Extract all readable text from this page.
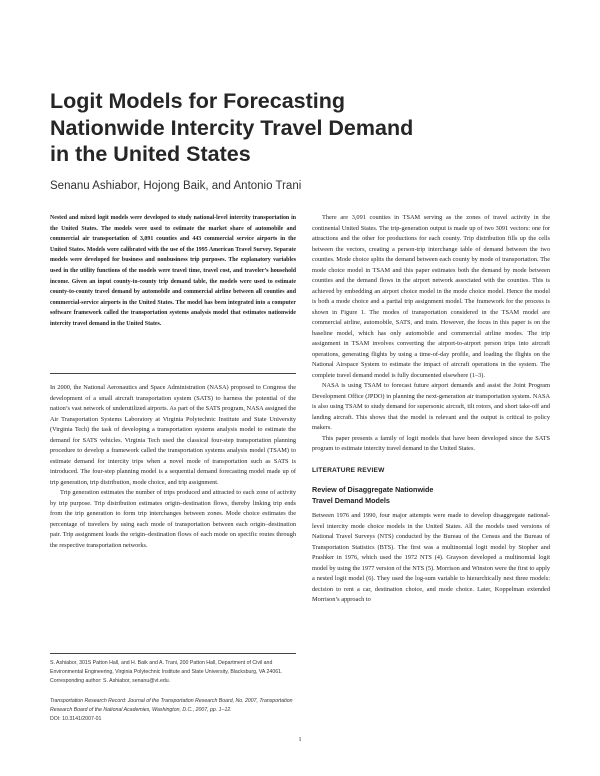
Logit Models for Forecasting
Nationwide Intercity Travel Demand
in the United States

Senanu Ashiabor, Hojong Baik, and Antonio Trani

Nested and mixed logit models were developed to study national-level intercity transportation in the United States. The models were used to estimate the market share of automobile and commercial air transportation of 3,091 counties and 443 commercial service airports in the United States. Models were calibrated with the use of the 1995 American Travel Survey. Separate models were developed for business and nonbusiness trip purposes. The explanatory variables used in the utility functions of the models were travel time, travel cost, and traveler’s household income. Given an input county-to-county trip demand table, the models were used to estimate county-to-county travel demand by automobile and commercial airline between all counties and commercial-service airports in the United States. The model has been integrated into a computer software framework called the transportation systems analysis model that estimates nationwide intercity travel demand in the United States.

In 2000, the National Aeronautics and Space Administration (NASA) proposed to Congress the development of a small aircraft transportation system (SATS) to harness the potential of the nation’s vast network of underutilized airports. As part of the SATS program, NASA assigned the Air Transportation Systems Laboratory at Virginia Polytechnic Institute and State University (Virginia Tech) the task of developing a transportation systems analysis model to estimate the demand for SATS vehicles. Virginia Tech used the classical four-step transportation planning procedure to develop a framework called the transportation systems analysis model (TSAM) to estimate demand for intercity trips when a novel mode of transportation such as SATS is introduced. The four-step planning model is a sequential demand forecasting model made up of trip generation, trip distribution, mode choice, and trip assignment.

Trip generation estimates the number of trips produced and attracted to each zone of activity by trip purpose. Trip distribution estimates origin–destination flows, thereby linking trip ends from the trip generation to form trip interchanges between zones. Mode choice estimates the percentage of travelers by using each mode of transportation between each origin–destination pair. Trip assignment loads the origin–destination flows of each mode on specific routes through the respective transportation networks.

S. Ashiabor, 301S Patton Hall, and H. Baik and A. Trani, 200 Patton Hall, Department of Civil and Environmental Engineering, Virginia Polytechnic Institute and State University, Blacksburg, VA 24061. Corresponding author: S. Ashiabor, senanu@vt.edu.

Transportation Research Record: Journal of the Transportation Research Board, No. 2007, Transportation Research Board of the National Academies, Washington, D.C., 2007, pp. 1–12.
DOI: 10.3141/2007-01

There are 3,091 counties in TSAM serving as the zones of travel activity in the continental United States. The trip-generation output is made up of two 3091 vectors: one for attractions and the other for productions for each county. Trip distribution fills up the cells between the vectors, creating a person-trip interchange table of demand between the two counties. Mode choice splits the demand between each county by mode of transportation. The mode choice model in TSAM and this paper estimates both the demand by mode between counties and the demand flows in the airport network associated with the counties. This is achieved by embedding an airport choice model in the mode choice model. Hence the model is both a mode choice and a partial trip assignment model. The framework for the process is shown in Figure 1. The modes of transportation considered in the TSAM model are commercial airline, automobile, SATS, and train. However, the focus in this paper is on the baseline model, which has only automobile and commercial airline modes. The trip assignment in TSAM involves converting the airport-to-airport person trips into aircraft operations, generating flights by using a time-of-day profile, and loading the flights on the National Airspace System to estimate the impact of aircraft operations in the system. The complete travel demand model is fully documented elsewhere (1–3).

NASA is using TSAM to forecast future airport demands and assist the Joint Program Development Office (JPDO) in planning the next-generation air transportation system. NASA is also using TSAM to study demand for supersonic aircraft, tilt rotors, and short take-off and landing aircraft. This shows that the model is relevant and the output is critical to policy makers.

This paper presents a family of logit models that have been developed since the SATS program to estimate intercity travel demand in the United States.

LITERATURE REVIEW
Review of Disaggregate Nationwide
Travel Demand Models

Between 1976 and 1990, four major attempts were made to develop disaggregate national-level intercity mode choice models in the United States. All the models used versions of National Travel Surveys (NTS) conducted by the Bureau of the Census and the Bureau of Transportation Statistics (BTS). The first was a multinomial logit model by Stopher and Prashker in 1976, which used the 1972 NTS (4). Grayson developed a multinomial logit model by using the 1977 version of the NTS (5). Morrison and Winston were the first to apply a nested logit model (6). They used the log-sum variable to hierarchically nest three models: decision to rent a car, destination choice, and mode choice. Later, Koppelman extended Morrison’s approach to

1
